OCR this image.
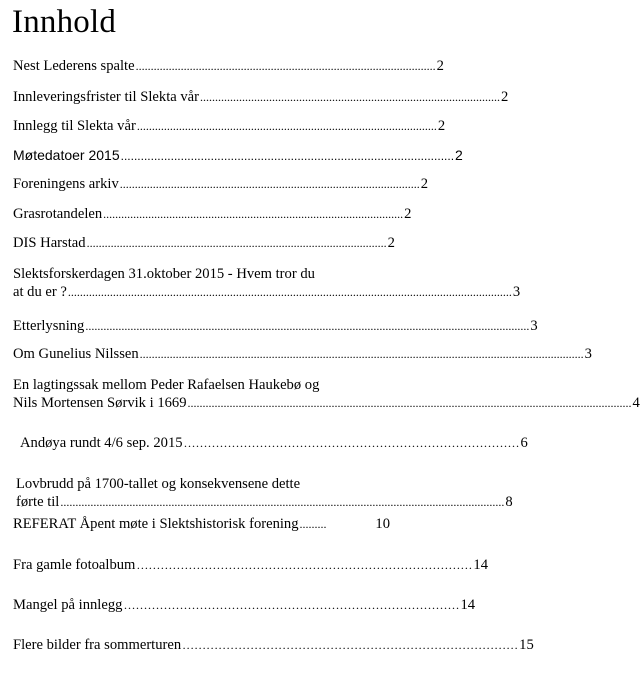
Innhold
Nest Lederens spalte .................................................................................................... 2
Innleveringsfrister til Slekta vår .................................................................................................... 2
Innlegg til Slekta vår .................................................................................................... 2
Møtedatoer 2015 .................................................................................................... 2
Foreningens arkiv .................................................................................................... 2
Grasrotandelen .................................................................................................... 2
DIS Harstad .................................................................................................... 2
Slektsforskerdagen 31.oktober 2015 - Hvem tror du
at du er ? .................................................................................................................................................... 3
Etterlysning .................................................................................................................................................... 3
Om Gunelius Nilssen .................................................................................................................................................... 3
En lagtingssak mellom Peder Rafaelsen Haukebø og
Nils Mortensen Sørvik i 1669 .................................................................................................................................................... 4
Andøya rundt 4/6 sep. 2015 ………………………………………………………………………… 6
Lovbrudd på 1700-tallet og konsekvensene dette
førte til .................................................................................................................................................... 8
REFERAT Åpent møte i Slektshistorisk forening .........	10
Fra gamle fotoalbum ………………………………………………………………………… 14
Mangel på innlegg ………………………………………………………………………… 14
Flere bilder fra sommerturen ………………………………………………………………………… 15
